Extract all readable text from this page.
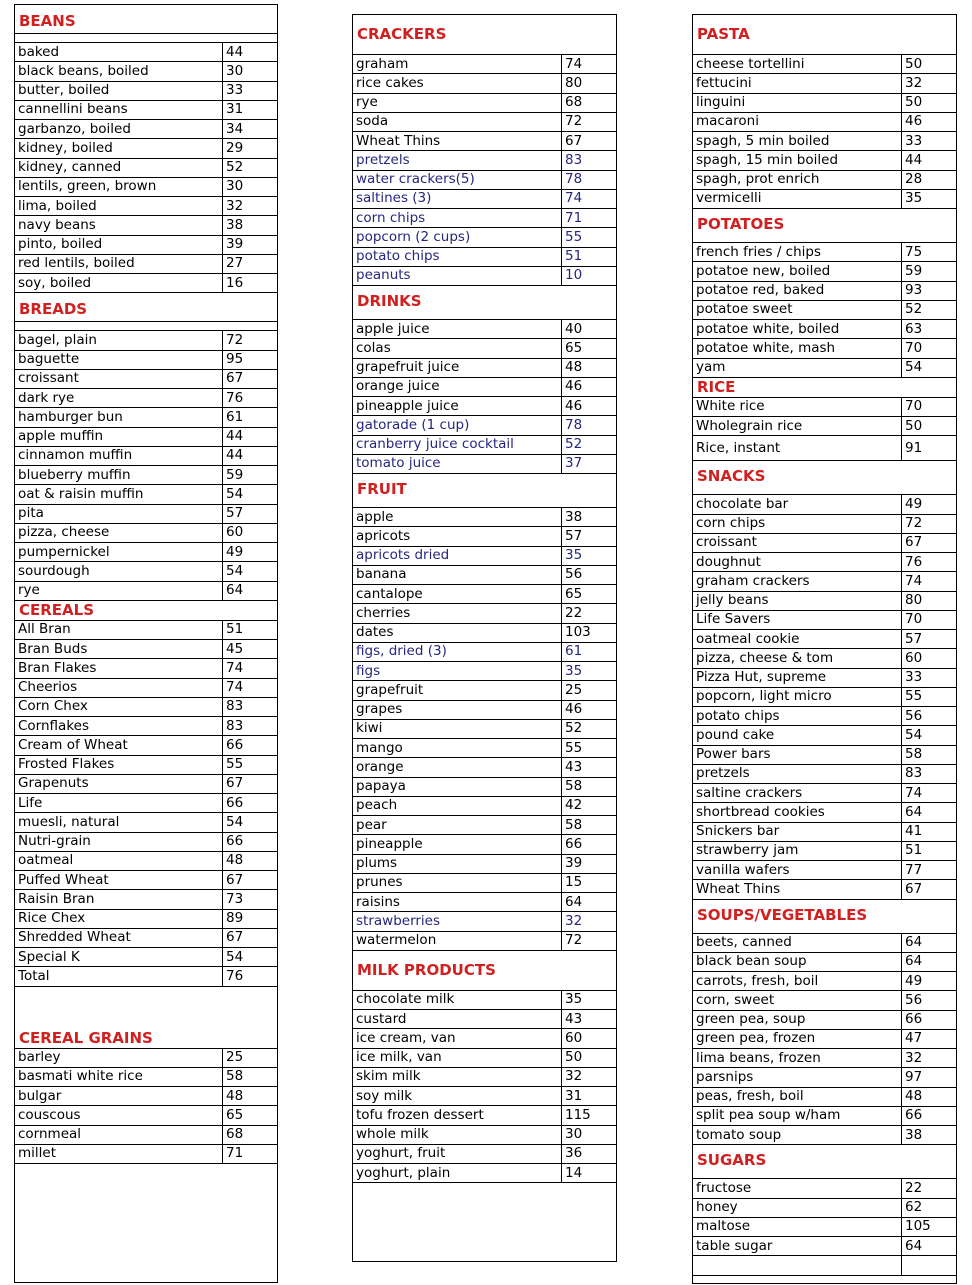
BEANS
baked	44
black beans, boiled	30
butter, boiled	33
cannellini beans	31
garbanzo, boiled	34
kidney, boiled	29
kidney, canned	52
lentils, green, brown	30
lima, boiled	32
navy beans	38
pinto, boiled	39
red lentils, boiled	27
soy, boiled	16
BREADS
bagel, plain	72
baguette	95
croissant	67
dark rye	76
hamburger bun	61
apple muffin	44
cinnamon muffin	44
blueberry muffin	59
oat & raisin muffin	54
pita	57
pizza, cheese	60
pumpernickel	49
sourdough	54
rye	64
CEREALS
All Bran	51
Bran Buds	45
Bran Flakes	74
Cheerios	74
Corn Chex	83
Cornflakes	83
Cream of Wheat	66
Frosted Flakes	55
Grapenuts	67
Life	66
muesli, natural	54
Nutri-grain	66
oatmeal	48
Puffed Wheat	67
Raisin Bran	73
Rice Chex	89
Shredded Wheat	67
Special K	54
Total	76
CEREAL GRAINS
barley	25
basmati white rice	58
bulgar	48
couscous	65
cornmeal	68
millet	71
CRACKERS
graham	74
rice cakes	80
rye	68
soda	72
Wheat Thins	67
pretzels	83
water crackers(5)	78
saltines (3)	74
corn chips	71
popcorn (2 cups)	55
potato chips	51
peanuts	10
DRINKS
apple juice	40
colas	65
grapefruit juice	48
orange juice	46
pineapple juice	46
gatorade (1 cup)	78
cranberry juice cocktail	52
tomato juice	37
FRUIT
apple	38
apricots	57
apricots dried	35
banana	56
cantalope	65
cherries	22
dates	103
figs, dried (3)	61
figs	35
grapefruit	25
grapes	46
kiwi	52
mango	55
orange	43
papaya	58
peach	42
pear	58
pineapple	66
plums	39
prunes	15
raisins	64
strawberries	32
watermelon	72
MILK PRODUCTS
chocolate milk	35
custard	43
ice cream, van	60
ice milk, van	50
skim milk	32
soy milk	31
tofu frozen dessert	115
whole milk	30
yoghurt, fruit	36
yoghurt, plain	14
PASTA
cheese tortellini	50
fettucini	32
linguini	50
macaroni	46
spagh, 5 min boiled	33
spagh, 15 min boiled	44
spagh, prot enrich	28
vermicelli	35
POTATOES
french fries / chips	75
potatoe new, boiled	59
potatoe red, baked	93
potatoe sweet	52
potatoe white, boiled	63
potatoe white, mash	70
yam	54
RICE
White rice	70
Wholegrain rice	50
Rice, instant	91
SNACKS
chocolate bar	49
corn chips	72
croissant	67
doughnut	76
graham crackers	74
jelly beans	80
Life Savers	70
oatmeal cookie	57
pizza, cheese & tom	60
Pizza Hut, supreme	33
popcorn, light micro	55
potato chips	56
pound cake	54
Power bars	58
pretzels	83
saltine crackers	74
shortbread cookies	64
Snickers bar	41
strawberry jam	51
vanilla wafers	77
Wheat Thins	67
SOUPS/VEGETABLES
beets, canned	64
black bean soup	64
carrots, fresh, boil	49
corn, sweet	56
green pea, soup	66
green pea, frozen	47
lima beans, frozen	32
parsnips	97
peas, fresh, boil	48
split pea soup w/ham	66
tomato soup	38
SUGARS
fructose	22
honey	62
maltose	105
table sugar	64
